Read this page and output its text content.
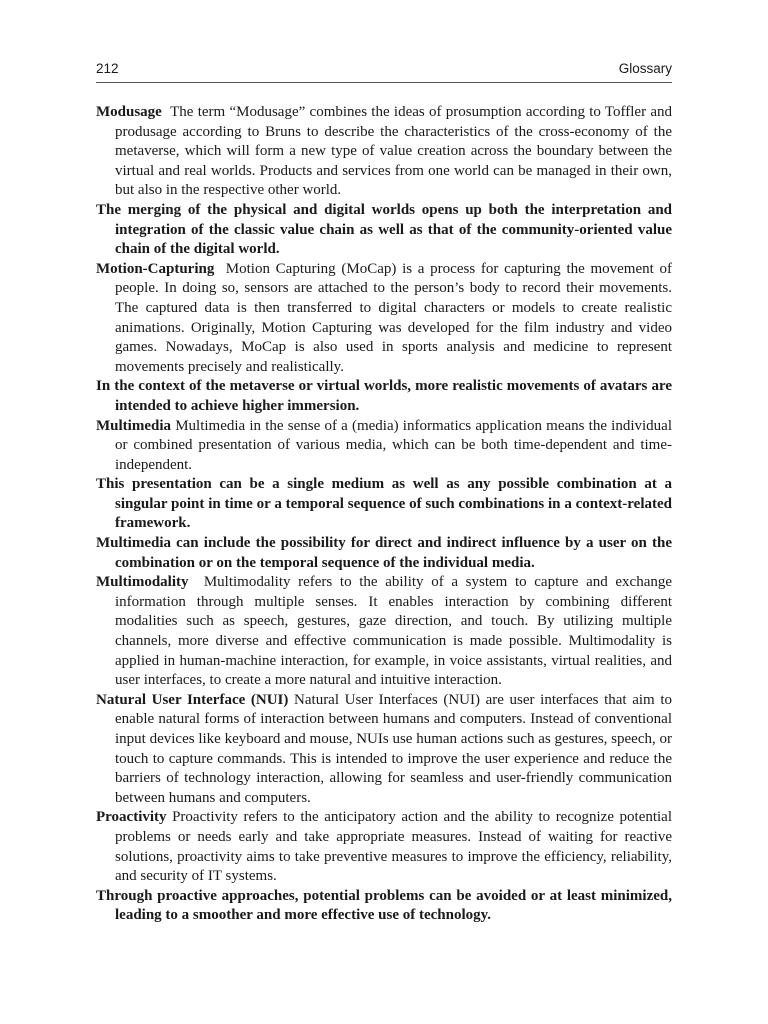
212	Glossary

Modusage The term “Modusage” combines the ideas of prosumption according to Toffler and produsage according to Bruns to describe the characteristics of the cross-economy of the metaverse, which will form a new type of value creation across the boundary between the virtual and real worlds. Products and services from one world can be managed in their own, but also in the respective other world.

The merging of the physical and digital worlds opens up both the interpretation and integration of the classic value chain as well as that of the community-oriented value chain of the digital world.

Motion-Capturing Motion Capturing (MoCap) is a process for capturing the movement of people. In doing so, sensors are attached to the person’s body to record their movements. The captured data is then transferred to digital characters or models to create realistic animations. Originally, Motion Capturing was developed for the film industry and video games. Nowadays, MoCap is also used in sports analysis and medicine to represent movements precisely and realistically.

In the context of the metaverse or virtual worlds, more realistic movements of avatars are intended to achieve higher immersion.

Multimedia Multimedia in the sense of a (media) informatics application means the individual or combined presentation of various media, which can be both time-dependent and time-independent.

This presentation can be a single medium as well as any possible combination at a singular point in time or a temporal sequence of such combinations in a context-related framework.

Multimedia can include the possibility for direct and indirect influence by a user on the combination or on the temporal sequence of the individual media.

Multimodality Multimodality refers to the ability of a system to capture and exchange information through multiple senses. It enables interaction by combining different modalities such as speech, gestures, gaze direction, and touch. By utilizing multiple channels, more diverse and effective communication is made possible. Multimodality is applied in human-machine interaction, for example, in voice assistants, virtual realities, and user interfaces, to create a more natural and intuitive interaction.

Natural User Interface (NUI) Natural User Interfaces (NUI) are user interfaces that aim to enable natural forms of interaction between humans and computers. Instead of conventional input devices like keyboard and mouse, NUIs use human actions such as gestures, speech, or touch to capture commands. This is intended to improve the user experience and reduce the barriers of technology interaction, allowing for seamless and user-friendly communication between humans and computers.

Proactivity Proactivity refers to the anticipatory action and the ability to recognize potential problems or needs early and take appropriate measures. Instead of waiting for reactive solutions, proactivity aims to take preventive measures to improve the efficiency, reliability, and security of IT systems.

Through proactive approaches, potential problems can be avoided or at least minimized, leading to a smoother and more effective use of technology.
